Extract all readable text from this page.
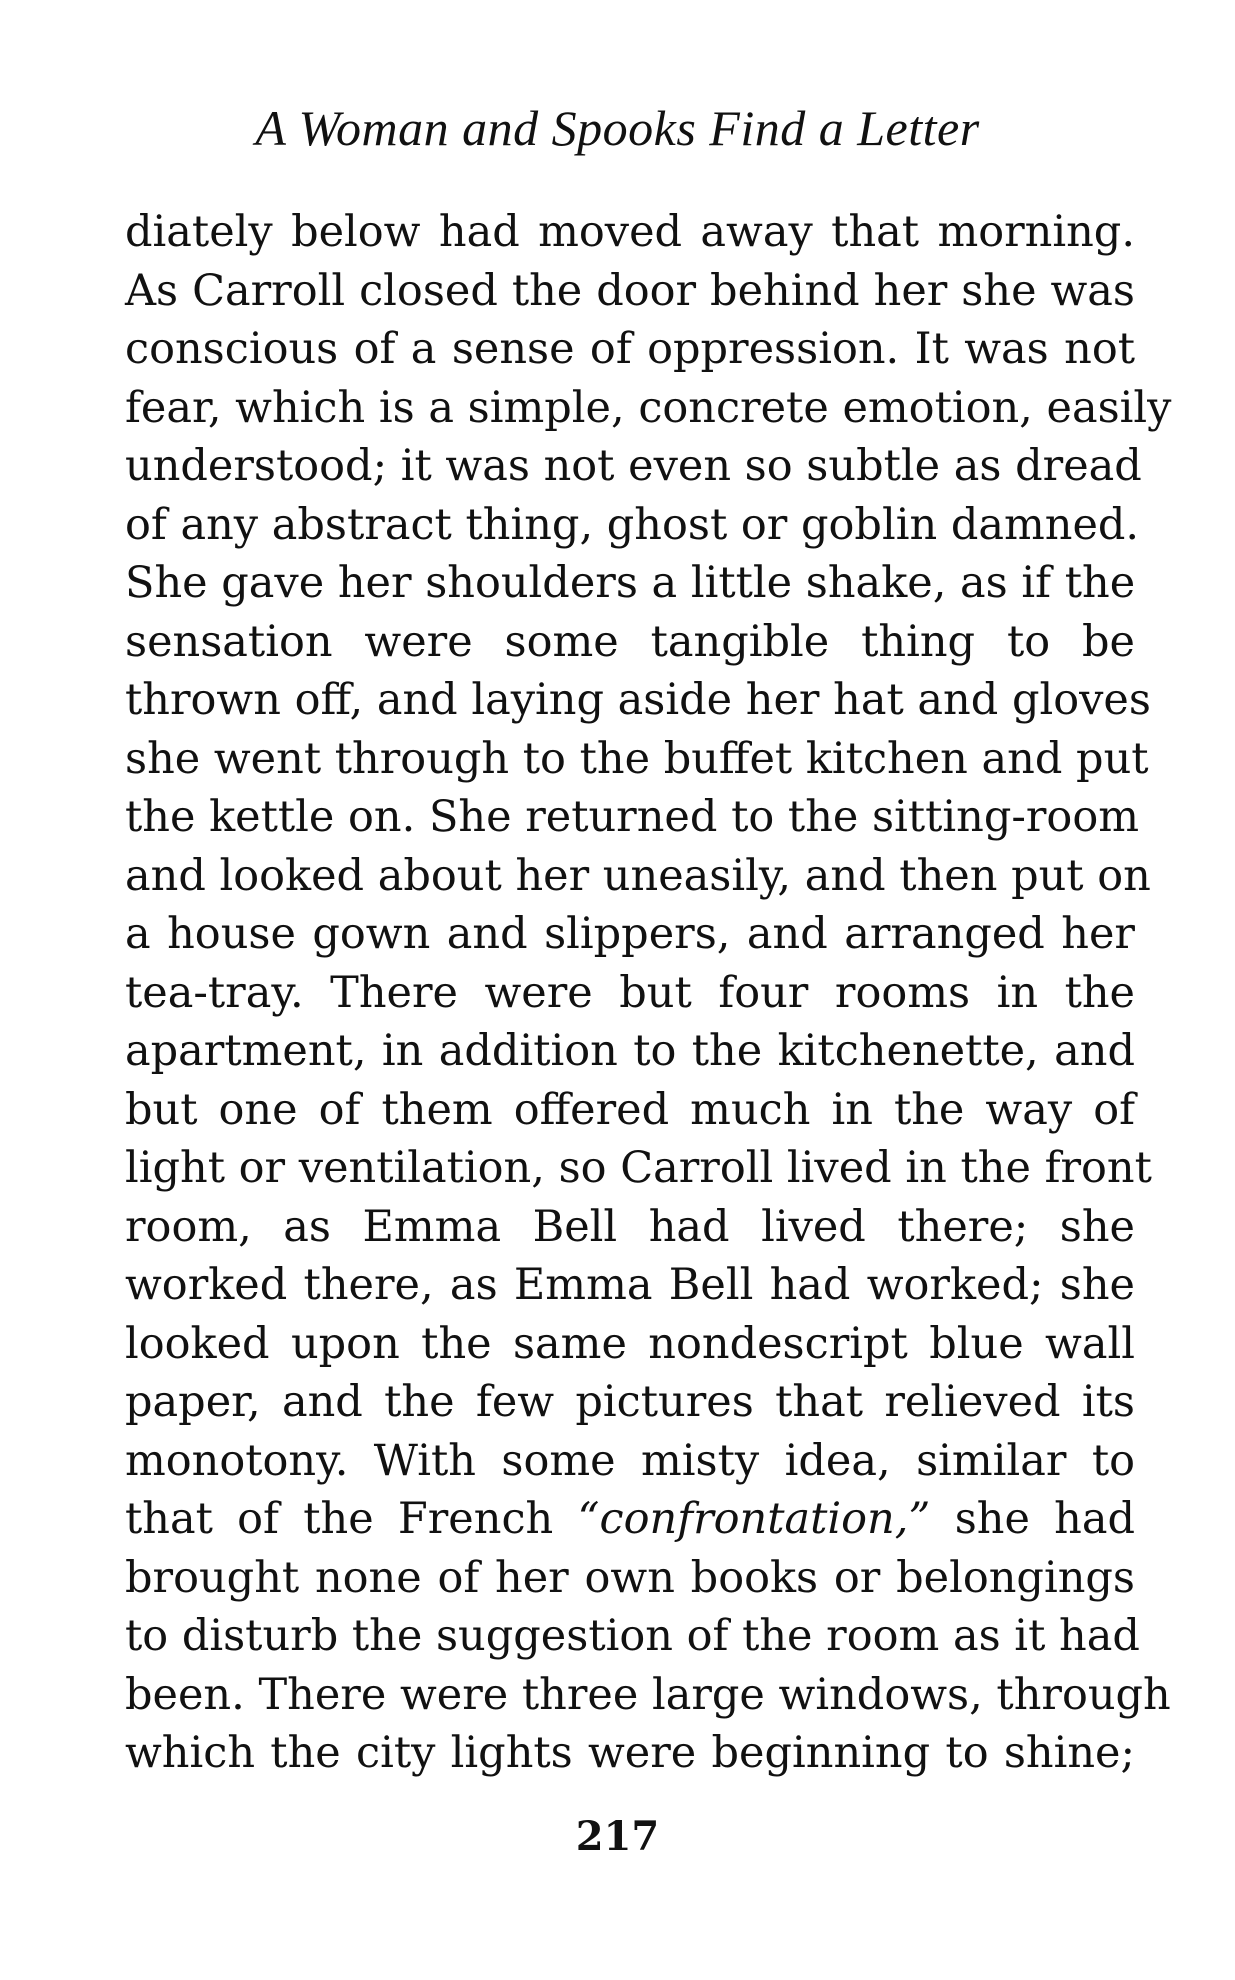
A Woman and Spooks Find a Letter
diately below had moved away that morning.
As Carroll closed the door behind her she was
conscious of a sense of oppression. It was not
fear, which is a simple, concrete emotion, easily
understood; it was not even so subtle as dread
of any abstract thing, ghost or goblin damned.
She gave her shoulders a little shake, as if the
sensation were some tangible thing to be
thrown off, and laying aside her hat and gloves
she went through to the buffet kitchen and put
the kettle on. She returned to the sitting-room
and looked about her uneasily, and then put on
a house gown and slippers, and arranged her
tea-tray. There were but four rooms in the
apartment, in addition to the kitchenette, and
but one of them offered much in the way of
light or ventilation, so Carroll lived in the front
room, as Emma Bell had lived there; she
worked there, as Emma Bell had worked; she
looked upon the same nondescript blue wall
paper, and the few pictures that relieved its
monotony. With some misty idea, similar to
that of the French “confrontation,” she had
brought none of her own books or belongings
to disturb the suggestion of the room as it had
been. There were three large windows, through
which the city lights were beginning to shine;
217
